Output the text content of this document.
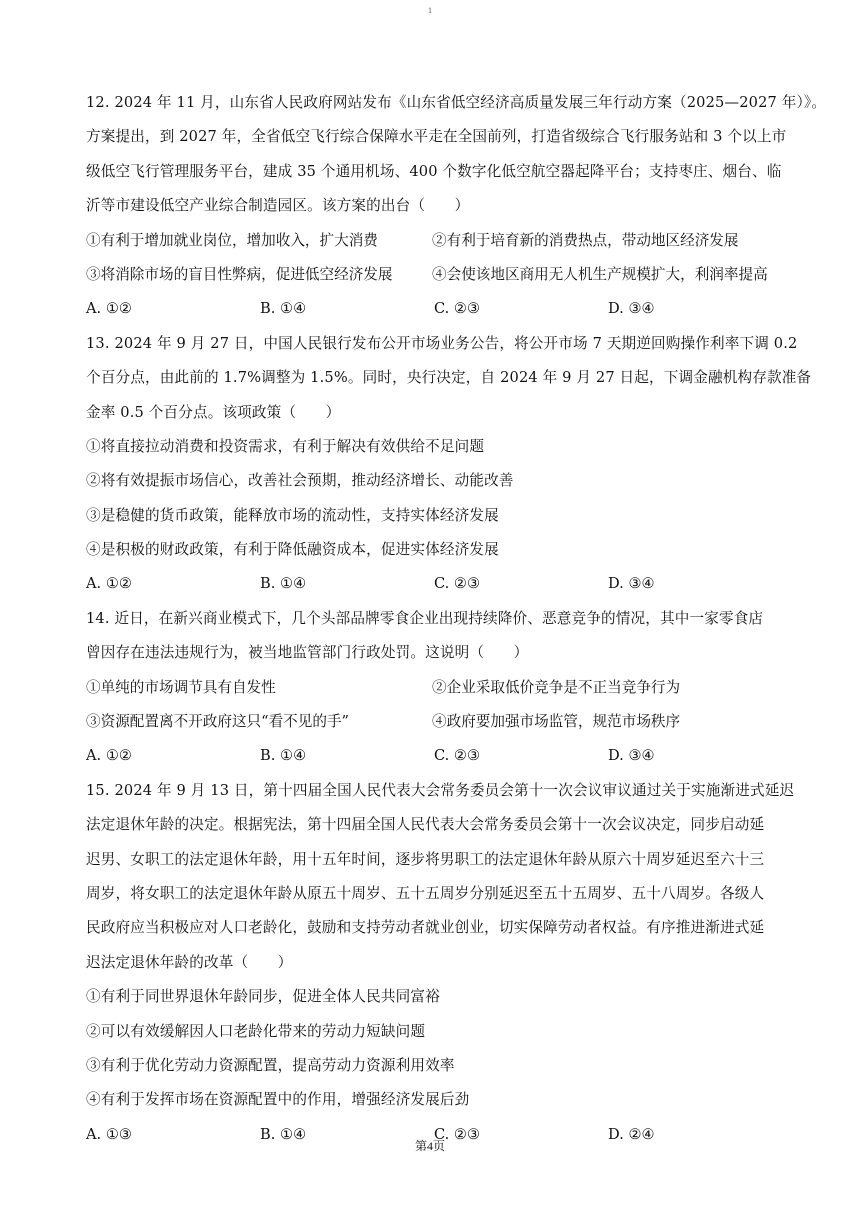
1
12. 2024 年 11 月，山东省人民政府网站发布《山东省低空经济高质量发展三年行动方案（2025—2027 年）》。
方案提出，到 2027 年，全省低空飞行综合保障水平走在全国前列，打造省级综合飞行服务站和 3 个以上市
级低空飞行管理服务平台，建成 35 个通用机场、400 个数字化低空航空器起降平台；支持枣庄、烟台、临
沂等市建设低空产业综合制造园区。该方案的出台（　　）
①有利于增加就业岗位，增加收入，扩大消费	②有利于培育新的消费热点，带动地区经济发展
③将消除市场的盲目性弊病，促进低空经济发展	④会使该地区商用无人机生产规模扩大，利润率提高
A. ①②	B. ①④	C. ②③	D. ③④
13. 2024 年 9 月 27 日，中国人民银行发布公开市场业务公告，将公开市场 7 天期逆回购操作利率下调 0.2
个百分点，由此前的 1.7%调整为 1.5%。同时，央行决定，自 2024 年 9 月 27 日起，下调金融机构存款准备
金率 0.5 个百分点。该项政策（　　）
①将直接拉动消费和投资需求，有利于解决有效供给不足问题
②将有效提振市场信心，改善社会预期，推动经济增长、动能改善
③是稳健的货币政策，能释放市场的流动性，支持实体经济发展
④是积极的财政政策，有利于降低融资成本，促进实体经济发展
A. ①②	B. ①④	C. ②③	D. ③④
14. 近日，在新兴商业模式下，几个头部品牌零食企业出现持续降价、恶意竞争的情况，其中一家零食店
曾因存在违法违规行为，被当地监管部门行政处罚。这说明（　　）
①单纯的市场调节具有自发性	②企业采取低价竞争是不正当竞争行为
③资源配置离不开政府这只“看不见的手”	④政府要加强市场监管，规范市场秩序
A. ①②	B. ①④	C. ②③	D. ③④
15. 2024 年 9 月 13 日，第十四届全国人民代表大会常务委员会第十一次会议审议通过关于实施渐进式延迟
法定退休年龄的决定。根据宪法，第十四届全国人民代表大会常务委员会第十一次会议决定，同步启动延
迟男、女职工的法定退休年龄，用十五年时间，逐步将男职工的法定退休年龄从原六十周岁延迟至六十三
周岁，将女职工的法定退休年龄从原五十周岁、五十五周岁分别延迟至五十五周岁、五十八周岁。各级人
民政府应当积极应对人口老龄化，鼓励和支持劳动者就业创业，切实保障劳动者权益。有序推进渐进式延
迟法定退休年龄的改革（　　）
①有利于同世界退休年龄同步，促进全体人民共同富裕
②可以有效缓解因人口老龄化带来的劳动力短缺问题
③有利于优化劳动力资源配置，提高劳动力资源利用效率
④有利于发挥市场在资源配置中的作用，增强经济发展后劲
A. ①③	B. ①④	C. ②③	D. ②④
第4页
